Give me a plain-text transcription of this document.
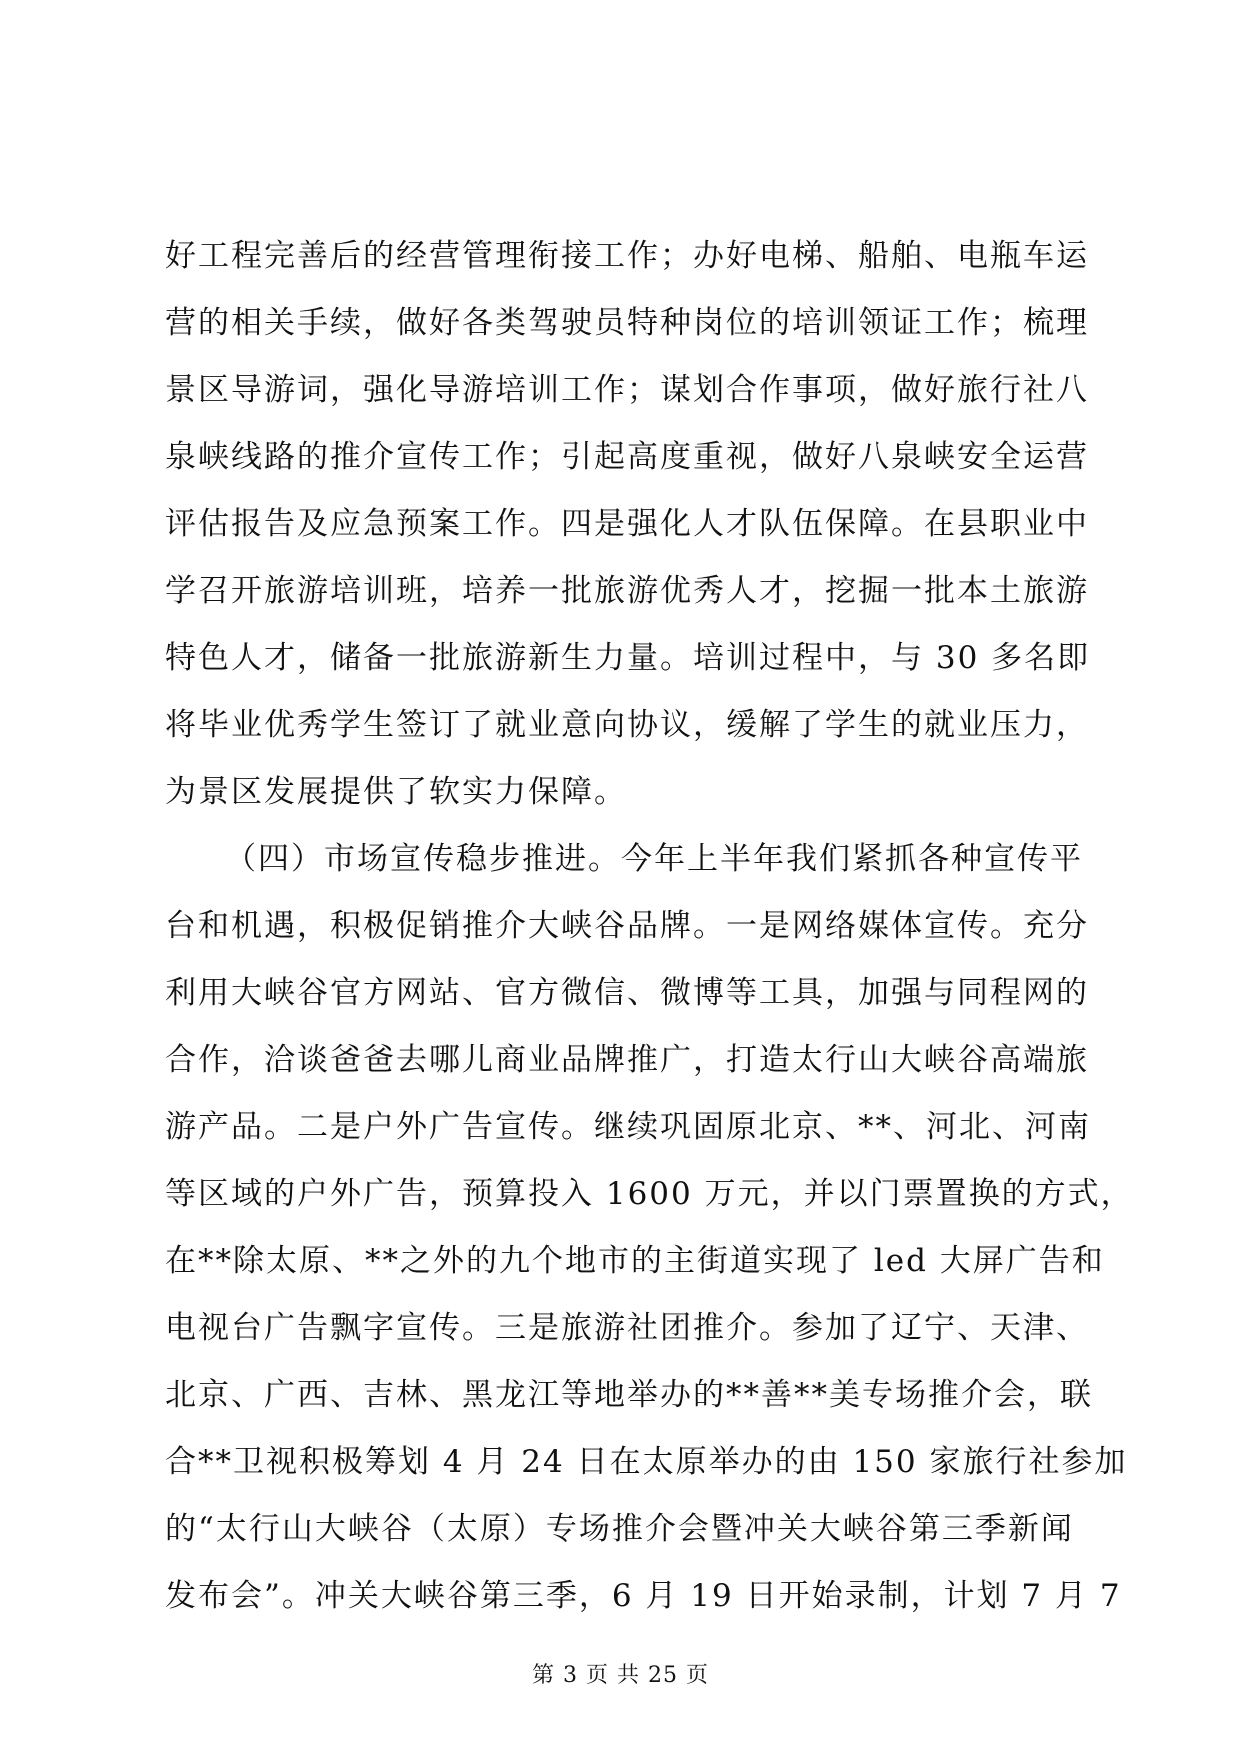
好工程完善后的经营管理衔接工作；办好电梯、船舶、电瓶车运
营的相关手续，做好各类驾驶员特种岗位的培训领证工作；梳理
景区导游词，强化导游培训工作；谋划合作事项，做好旅行社八
泉峡线路的推介宣传工作；引起高度重视，做好八泉峡安全运营
评估报告及应急预案工作。四是强化人才队伍保障。在县职业中
学召开旅游培训班，培养一批旅游优秀人才，挖掘一批本土旅游
特色人才，储备一批旅游新生力量。培训过程中，与 30 多名即
将毕业优秀学生签订了就业意向协议，缓解了学生的就业压力，
为景区发展提供了软实力保障。
（四）市场宣传稳步推进。今年上半年我们紧抓各种宣传平
台和机遇，积极促销推介大峡谷品牌。一是网络媒体宣传。充分
利用大峡谷官方网站、官方微信、微博等工具，加强与同程网的
合作，洽谈爸爸去哪儿商业品牌推广，打造太行山大峡谷高端旅
游产品。二是户外广告宣传。继续巩固原北京、**、河北、河南
等区域的户外广告，预算投入 1600 万元，并以门票置换的方式，
在**除太原、**之外的九个地市的主街道实现了 led 大屏广告和
电视台广告飘字宣传。三是旅游社团推介。参加了辽宁、天津、
北京、广西、吉林、黑龙江等地举办的**善**美专场推介会，联
合**卫视积极筹划 4 月 24 日在太原举办的由 150 家旅行社参加
的“太行山大峡谷（太原）专场推介会暨冲关大峡谷第三季新闻
发布会”。冲关大峡谷第三季，6 月 19 日开始录制，计划 7 月 7
第 3 页 共 25 页
